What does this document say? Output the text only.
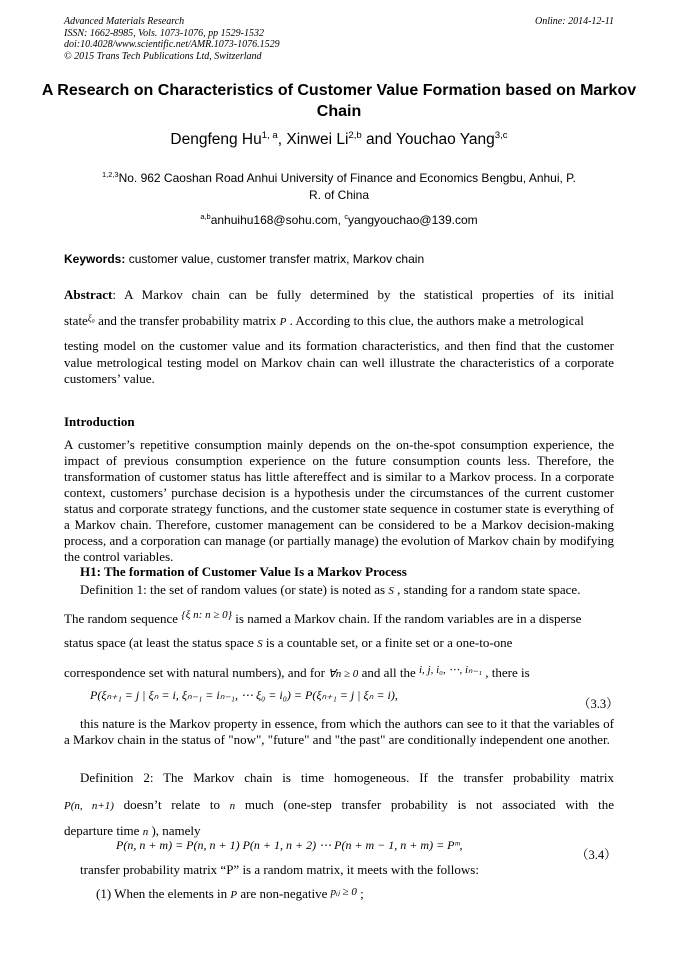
Advanced Materials Research
ISSN: 1662-8985, Vols. 1073-1076, pp 1529-1532
doi:10.4028/www.scientific.net/AMR.1073-1076.1529
© 2015 Trans Tech Publications Ltd, Switzerland
Online: 2014-12-11
A Research on Characteristics of Customer Value Formation based on Markov Chain
Dengfeng Hu$^{1, a}$, Xinwei Li$^{2,b}$ and Youchao Yang$^{3,c}$
$^{1,2,3}$No. 962 Caoshan Road Anhui University of Finance and Economics Bengbu, Anhui, P. R. of China
$^{a,b}$anhuihu168@sohu.com, $^c$yangyouchao@139.com
Keywords: customer value, customer transfer matrix, Markov chain
Abstract: A Markov chain can be fully determined by the statistical properties of its initial
state$^{\xi_0}$ and the transfer probability matrix P . According to this clue, the authors make a metrological

testing model on the customer value and its formation characteristics, and then find that the customer value metrological testing model on Markov chain can well illustrate the characteristics of a corporate customers’ value.

Introduction

A customer’s repetitive consumption mainly depends on the on-the-spot consumption experience, the impact of previous consumption experience on the future consumption counts less. Therefore, the transformation of customer status has little aftereffect and is similar to a Markov process. In a corporate context, customers’ purchase decision is a hypothesis under the circumstances of the current customer status and corporate strategy functions, and the customer state sequence in costumer state is everything of a Markov chain. Therefore, customer management can be considered to be a Markov decision-making process, and a corporation can manage (or partially manage) the evolution of Markov chain by modifying the control variables.

H1: The formation of Customer Value Is a Markov Process
Definition 1: the set of random values (or state) is noted as S , standing for a random state space.
The random sequence $^{\{\xi n: n \ge 0\}}$ is named a Markov chain. If the random variables are in a disperse
status space (at least the status space S is a countable set, or a finite set or a one-to-one
correspondence set with natural numbers), and for ∀n ≥ 0 and all the $^{i, j, i_0, \cdots, i_{n-1}}$ , there is
P(ξₙ₊₁ = j | ξₙ = i, ξₙ₋₁ = iₙ₋₁, ⋯ ξ₀ = i₀) = P(ξₙ₊₁ = j | ξₙ = i),
（3.3）

this nature is the Markov property in essence, from which the authors can see to it that the variables of a Markov chain in the status of "now", "future" and "the past" are conditionally independent one another.

Definition 2: The Markov chain is time homogeneous. If the transfer probability matrix
P(n, n+1) doesn’t relate to n much (one-step transfer probability is not associated with the
departure time n ), namely
P(n, n + m) = P(n, n + 1) P(n + 1, n + 2) ⋯ P(n + m − 1, n + m) = Pᵐ,
（3.4）
transfer probability matrix “P” is a random matrix, it meets with the follows:
(1) When the elements in P are non-negative $^{pᵢⱼ \ge 0}$ ;
